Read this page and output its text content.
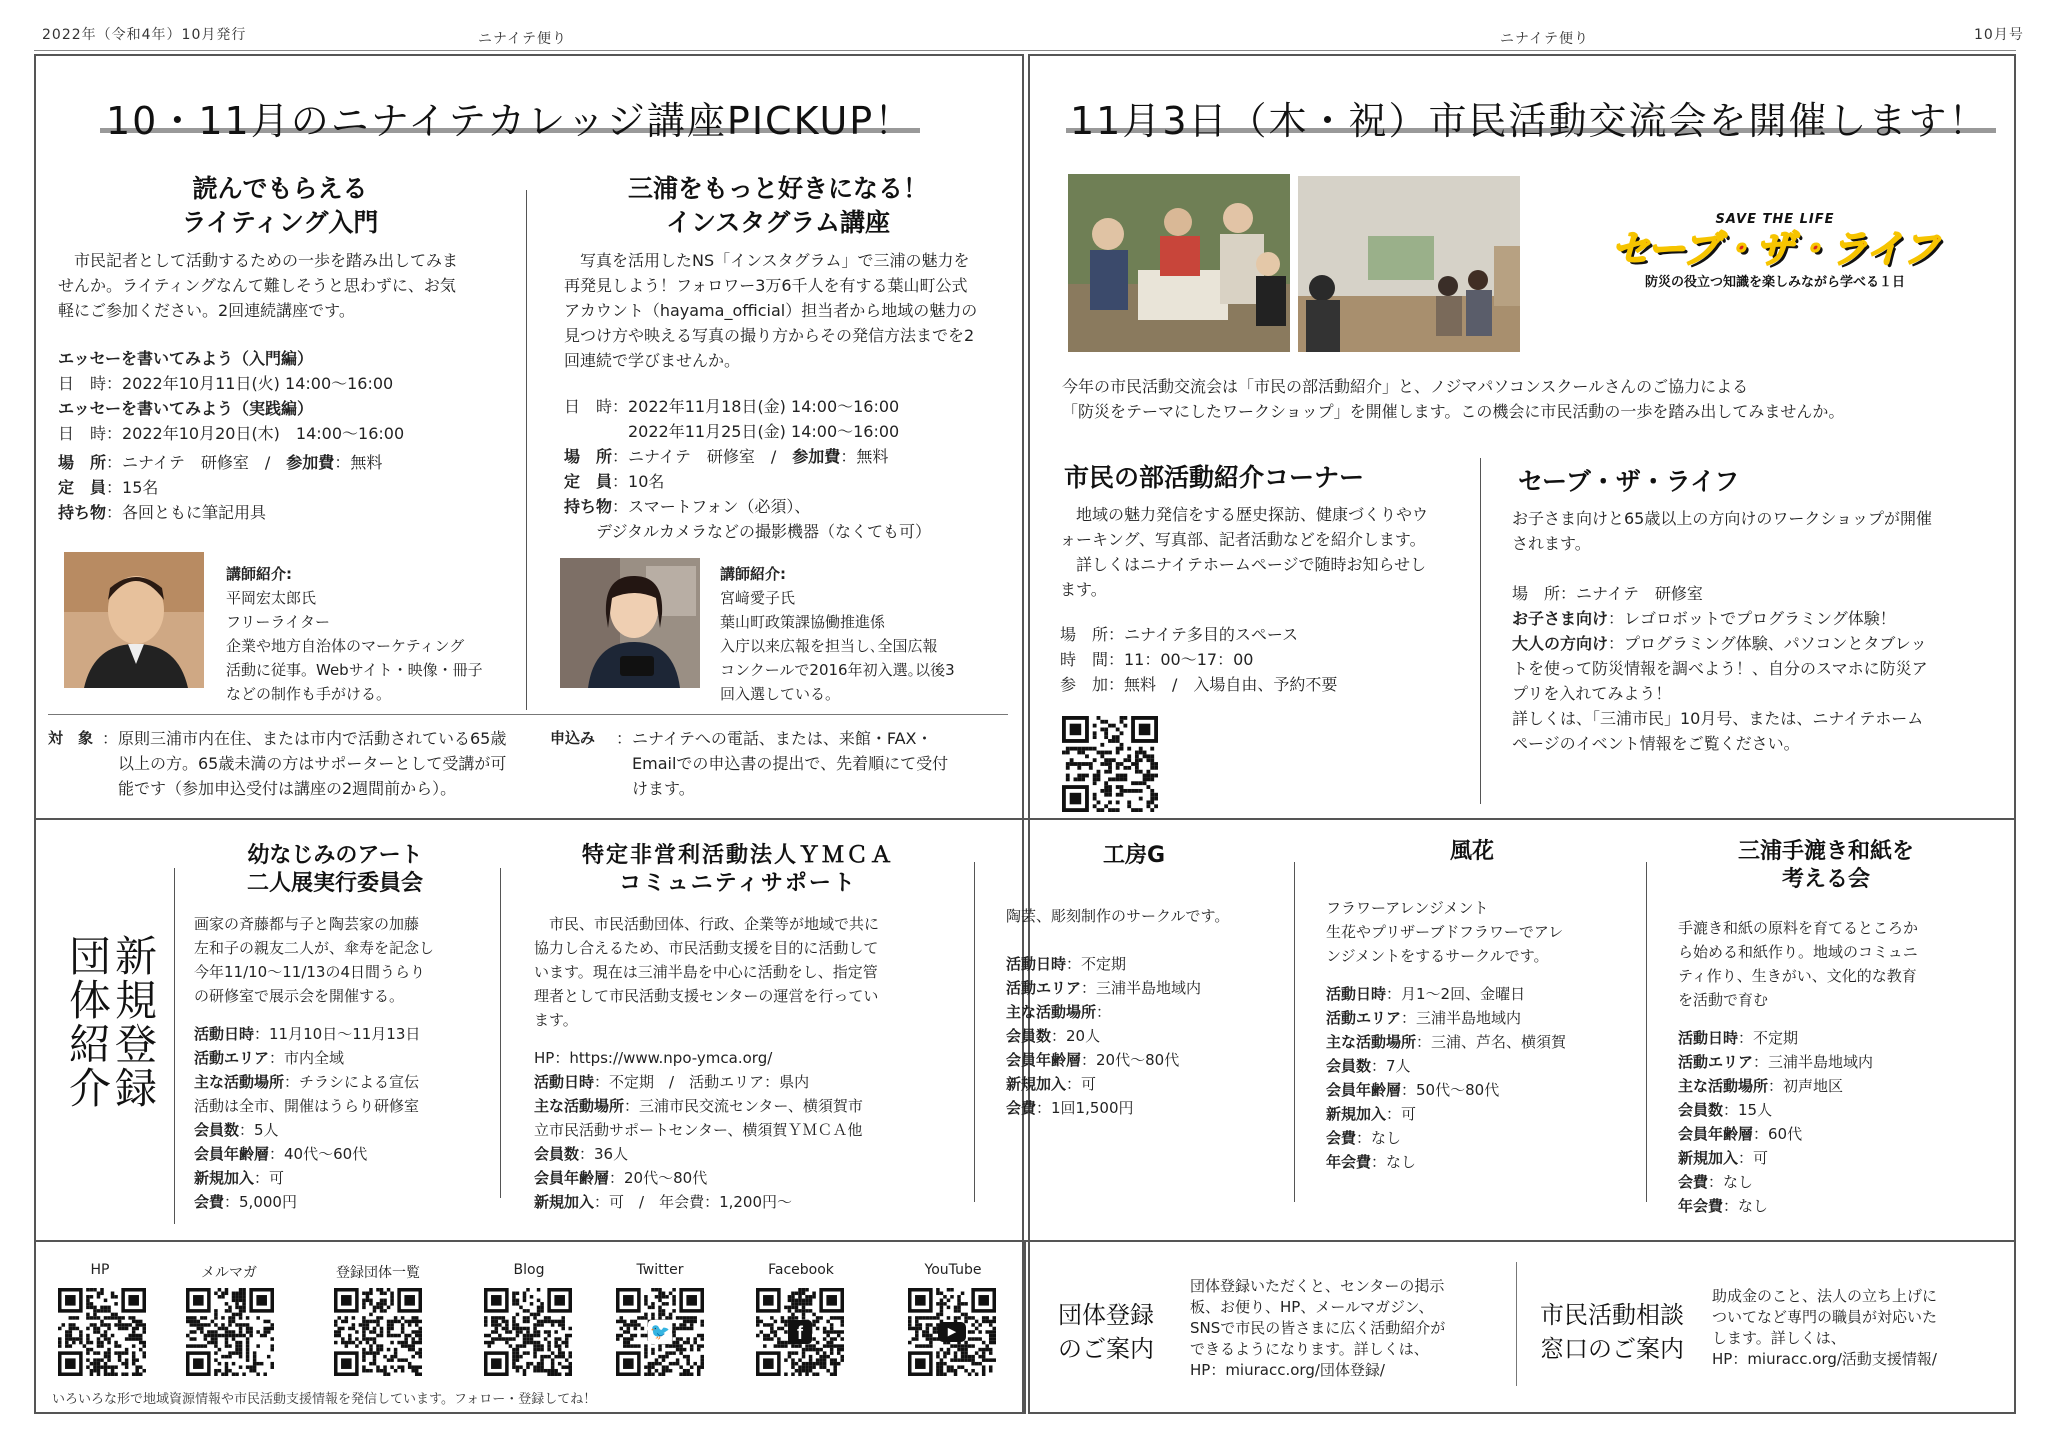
2022年（令和4年）10月発行	ニナイテ便り	ニナイテ便り	10月号
10・11月のニナイテカレッジ講座PICKUP！
読んでもらえる
ライティング入門
　市民記者として活動するための一歩を踏み出してみま
せんか。ライティングなんて難しそうと思わずに、お気
軽にご参加ください。2回連続講座です。
エッセーを書いてみよう（入門編）
日　時：2022年10月11日(火) 14:00〜16:00
エッセーを書いてみよう（実践編）
日　時：2022年10月20日(木)　14:00〜16:00
場　所：ニナイテ　研修室　/　参加費：無料
定　員：15名
持ち物：各回ともに筆記用具
講師紹介:
平岡宏太郎氏
フリーライター
企業や地方自治体のマーケティング
活動に従事。Webサイト・映像・冊子
などの制作も手がける。
三浦をもっと好きになる！
インスタグラム講座
　写真を活用したNS「インスタグラム」で三浦の魅力を
再発見しよう！フォロワー3万6千人を有する葉山町公式
アカウント（hayama_official）担当者から地域の魅力の
見つけ方や映える写真の撮り方からその発信方法までを2
回連続で学びませんか。
日　時：2022年11月18日(金) 14:00〜16:00
　　　　2022年11月25日(金) 14:00〜16:00
場　所：ニナイテ　研修室　/　参加費：無料
定　員：10名
持ち物：スマートフォン（必須）、
　　デジタルカメラなどの撮影機器（なくても可）
講師紹介:
宮﨑愛子氏
葉山町政策課協働推進係
入庁以来広報を担当し､全国広報
コンクールで2016年初入選｡以後3
回入選している。
対　象 ：原則三浦市内在住、または市内で活動されている65歳
　以上の方。65歳未満の方はサポーターとして受講が可
　能です（参加申込受付は講座の2週間前から）。
申込み	：ニナイテへの電話、または、来館・FAX・
　Emailでの申込書の提出で、先着順にて受付
　けます。
11月3日（木・祝）市民活動交流会を開催します！
SAVE THE LIFE
セーブ・ザ・ライフ
防災の役立つ知識を楽しみながら学べる１日
今年の市民活動交流会は「市民の部活動紹介」と、ノジマパソコンスクールさんのご協力による
「防災をテーマにしたワークショップ」を開催します。この機会に市民活動の一歩を踏み出してみませんか。
市民の部活動紹介コーナー
　地域の魅力発信をする歴史探訪、健康づくりやウ
ォーキング、写真部、記者活動などを紹介します。
　詳しくはニナイテホームページで随時お知らせし
ます。
場　所：ニナイテ多目的スペース
時　間：11：00〜17：00
参　加：無料　/　入場自由、予約不要
セーブ・ザ・ライフ
お子さま向けと65歳以上の方向けのワークショップが開催
されます。
場　所：ニナイテ　研修室
お子さま向け：レゴロボットでプログラミング体験！
大人の方向け：プログラミング体験、パソコンとタブレッ
トを使って防災情報を調べよう！、自分のスマホに防災ア
プリを入れてみよう！
詳しくは、「三浦市民」10月号、または、ニナイテホーム
ページのイベント情報をご覧ください。
新規登録
団体紹介
幼なじみのアート
二人展実行委員会
画家の斉藤都与子と陶芸家の加藤
左和子の親友二人が、傘寿を記念し
今年11/10〜11/13の4日間うらり
の研修室で展示会を開催する。
活動日時：11月10日〜11月13日
活動エリア：市内全域
主な活動場所：チラシによる宣伝
活動は全市、開催はうらり研修室
会員数：5人
会員年齢層：40代〜60代
新規加入：可
会費：5,000円
特定非営利活動法人ＹＭＣＡ
コミュニティサポート
　市民、市民活動団体、行政、企業等が地域で共に
協力し合えるため、市民活動支援を目的に活動して
います。現在は三浦半島を中心に活動をし、指定管
理者として市民活動支援センターの運営を行ってい
ます。
HP：https://www.npo-ymca.org/
活動日時：不定期　/　活動エリア：県内
主な活動場所：三浦市民交流センター、横須賀市
立市民活動サポートセンター、横須賀ＹＭＣＡ他
会員数：36人
会員年齢層：20代〜80代
新規加入：可　/　年会費：1,200円〜
工房G
陶芸、彫刻制作のサークルです。
活動日時：不定期
活動エリア：三浦半島地域内
主な活動場所：
会員数：20人
会員年齢層：20代〜80代
新規加入：可
会費：1回1,500円
風花
フラワーアレンジメント
生花やプリザーブドフラワーでアレ
ンジメントをするサークルです。
活動日時：月1〜2回、金曜日
活動エリア：三浦半島地域内
主な活動場所：三浦、芦名、横須賀
会員数：7人
会員年齢層：50代〜80代
新規加入：可
会費：なし
年会費：なし
三浦手漉き和紙を
考える会
手漉き和紙の原料を育てるところか
ら始める和紙作り。地域のコミュニ
ティ作り、生きがい、文化的な教育
を活動で育む
活動日時：不定期
活動エリア：三浦半島地域内
主な活動場所：初声地区
会員数：15人
会員年齢層：60代
新規加入：可
会費：なし
年会費：なし
HP	メルマガ	登録団体一覧	Blog	Twitter	Facebook	YouTube
🐦	f	▶
いろいろな形で地域資源情報や市民活動支援情報を発信しています。フォロー・登録してね！
団体登録
のご案内
団体登録いただくと、センターの掲示
板、お便り、HP、メールマガジン、
SNSで市民の皆さまに広く活動紹介が
できるようになります。詳しくは、
HP：miuracc.org/団体登録/
市民活動相談
窓口のご案内
助成金のこと、法人の立ち上げに
ついてなど専門の職員が対応いた
します。詳しくは、
HP：miuracc.org/活動支援情報/
